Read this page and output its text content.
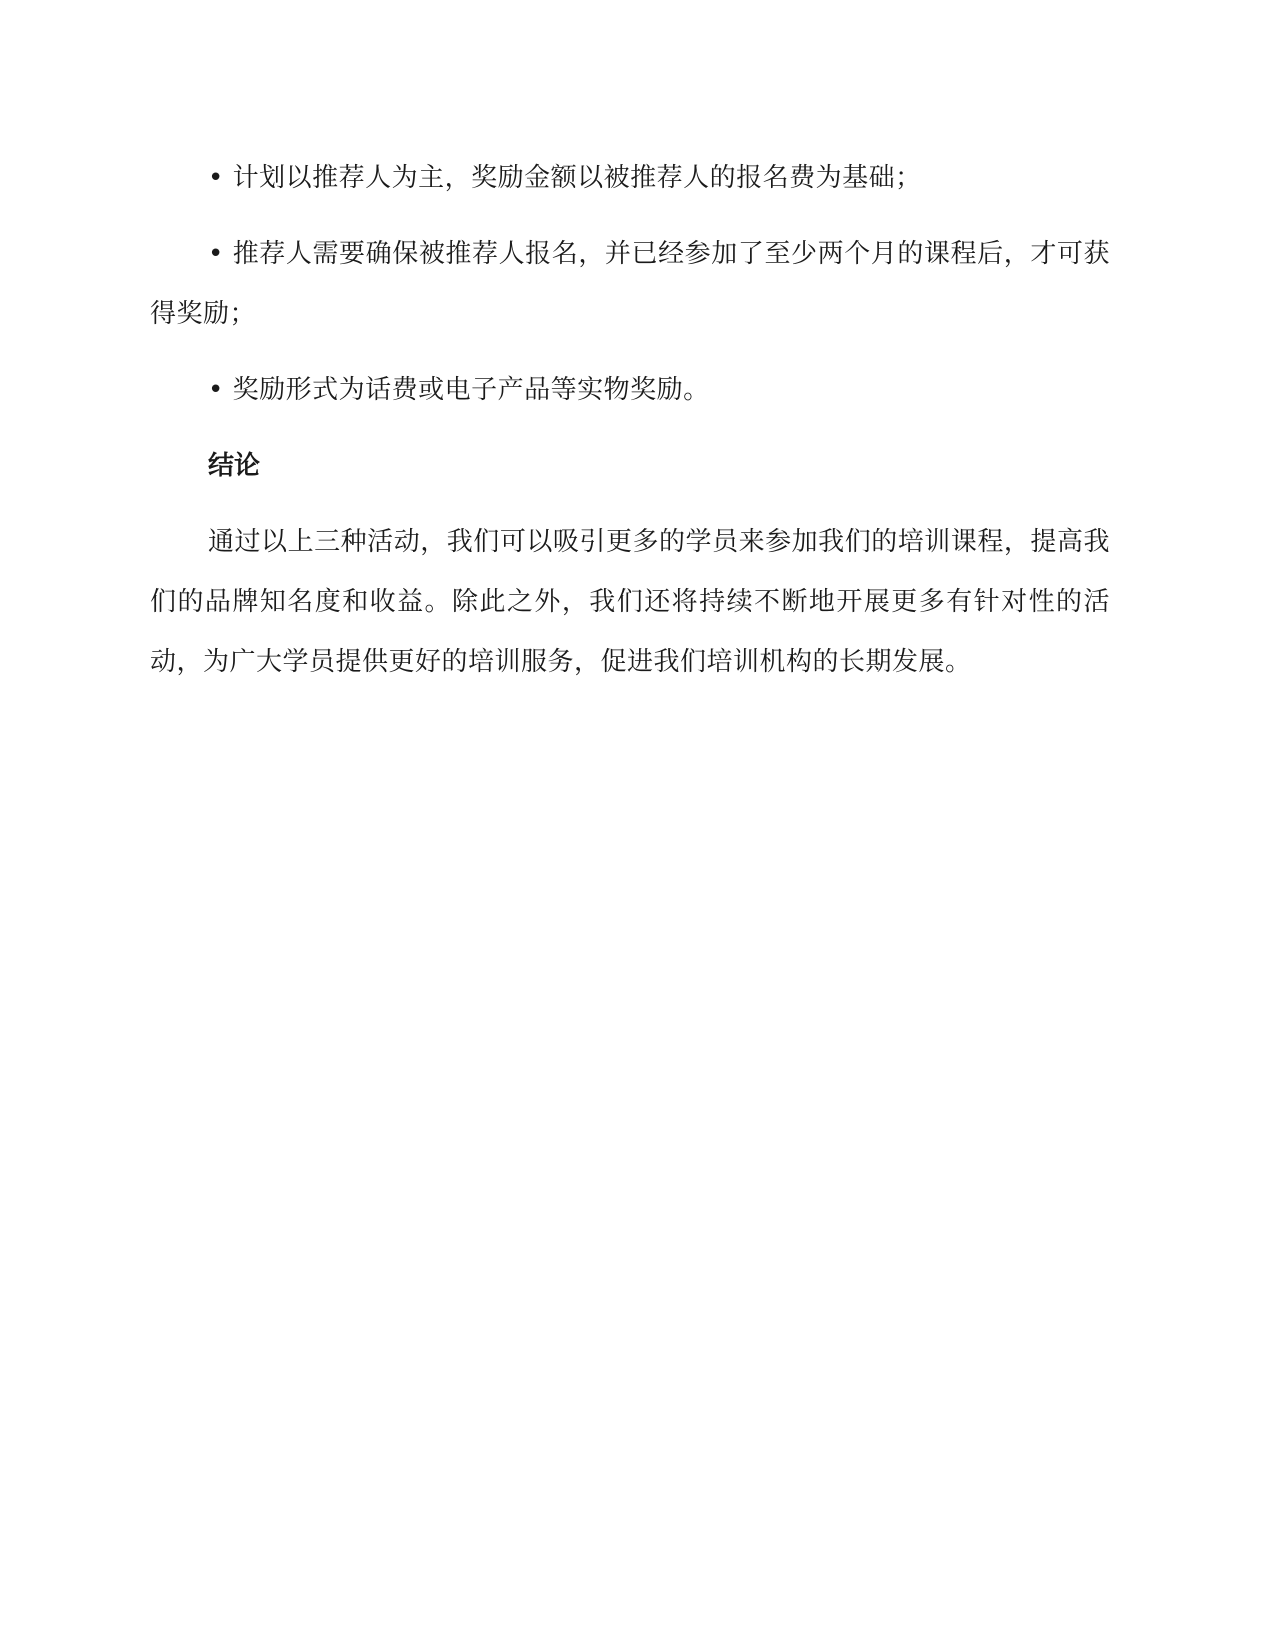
• 计划以推荐人为主，奖励金额以被推荐人的报名费为基础；

• 推荐人需要确保被推荐人报名，并已经参加了至少两个月的课程后，才可获得奖励；

• 奖励形式为话费或电子产品等实物奖励。

结论

通过以上三种活动，我们可以吸引更多的学员来参加我们的培训课程，提高我们的品牌知名度和收益。除此之外，我们还将持续不断地开展更多有针对性的活动，为广大学员提供更好的培训服务，促进我们培训机构的长期发展。
